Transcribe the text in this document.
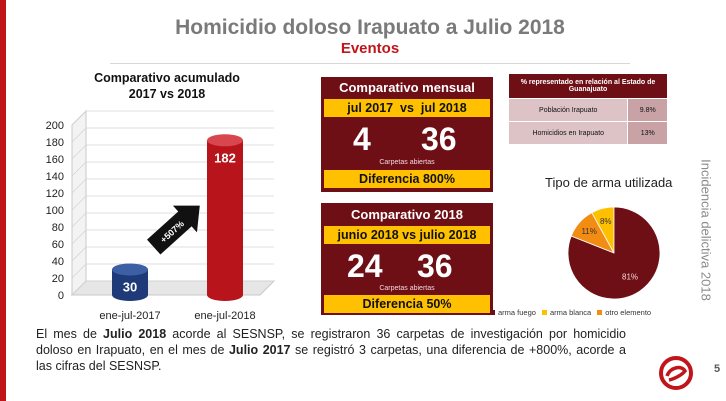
Homicidio doloso Irapuato a Julio 2018
Eventos
Comparativo acumulado
2017 vs 2018
0
20
40
60
80
100
120
140
160
180
200
30
ene-jul-2017
182
ene-jul-2018
+507%
Comparativo mensual
jul 2017  vs  jul 2018
4 36
Carpetas abiertas
Diferencia 800%
Comparativo 2018
junio 2018 vs julio 2018
24 36
Carpetas abiertas
Diferencia 50%
% representado en relación al Estado de Guanajuato	
Población Irapuato	9.8%
Homicidios en Irapuato	13%
Tipo de arma utilizada
11%
8%
81%
arma fuego arma blanca otro elemento
El mes de Julio 2018 acorde al SESNSP, se registraron 36 carpetas de investigación por homicidio doloso en Irapuato, en el mes de Julio 2017 se registró 3 carpetas, una diferencia de +800%, acorde a las cifras del SESNSP.
Incidencia delictiva 2018
5
